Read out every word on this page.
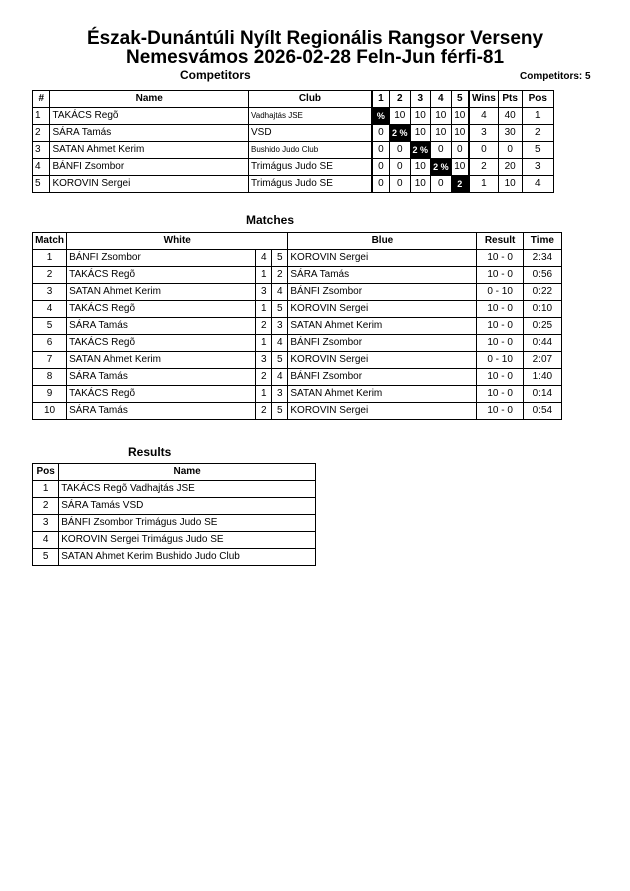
Észak-Dunántúli Nyílt Regionális Rangsor Verseny
Nemesvámos 2026-02-28 Feln-Jun férfi-81
Competitors	Competitors: 5
#	Name	Club	1	2	3	4	5	Wins	Pts	Pos
1	TAKÁCS Regõ	Vadhajtás JSE	%	10	10	10	10	4	40	1
2	SÁRA Tamás	VSD	0	2 %	10	10	10	3	30	2
3	SATAN Ahmet Kerim	Bushido Judo Club	0	0	2 %	0	0	0	0	5
4	BÁNFI Zsombor	Trimágus Judo SE	0	0	10	2 %	10	2	20	3
5	KOROVIN Sergei	Trimágus Judo SE	0	0	10	0	2	1	10	4
Matches
Match	White			Blue	Result	Time
1	BÁNFI Zsombor	4	5	KOROVIN Sergei	10 - 0	2:34
2	TAKÁCS Regõ	1	2	SÁRA Tamás	10 - 0	0:56
3	SATAN Ahmet Kerim	3	4	BÁNFI Zsombor	0 - 10	0:22
4	TAKÁCS Regõ	1	5	KOROVIN Sergei	10 - 0	0:10
5	SÁRA Tamás	2	3	SATAN Ahmet Kerim	10 - 0	0:25
6	TAKÁCS Regõ	1	4	BÁNFI Zsombor	10 - 0	0:44
7	SATAN Ahmet Kerim	3	5	KOROVIN Sergei	0 - 10	2:07
8	SÁRA Tamás	2	4	BÁNFI Zsombor	10 - 0	1:40
9	TAKÁCS Regõ	1	3	SATAN Ahmet Kerim	10 - 0	0:14
10	SÁRA Tamás	2	5	KOROVIN Sergei	10 - 0	0:54
Results
Pos	Name
1	TAKÁCS Regõ Vadhajtás JSE
2	SÁRA Tamás VSD
3	BÁNFI Zsombor Trimágus Judo SE
4	KOROVIN Sergei Trimágus Judo SE
5	SATAN Ahmet Kerim Bushido Judo Club
